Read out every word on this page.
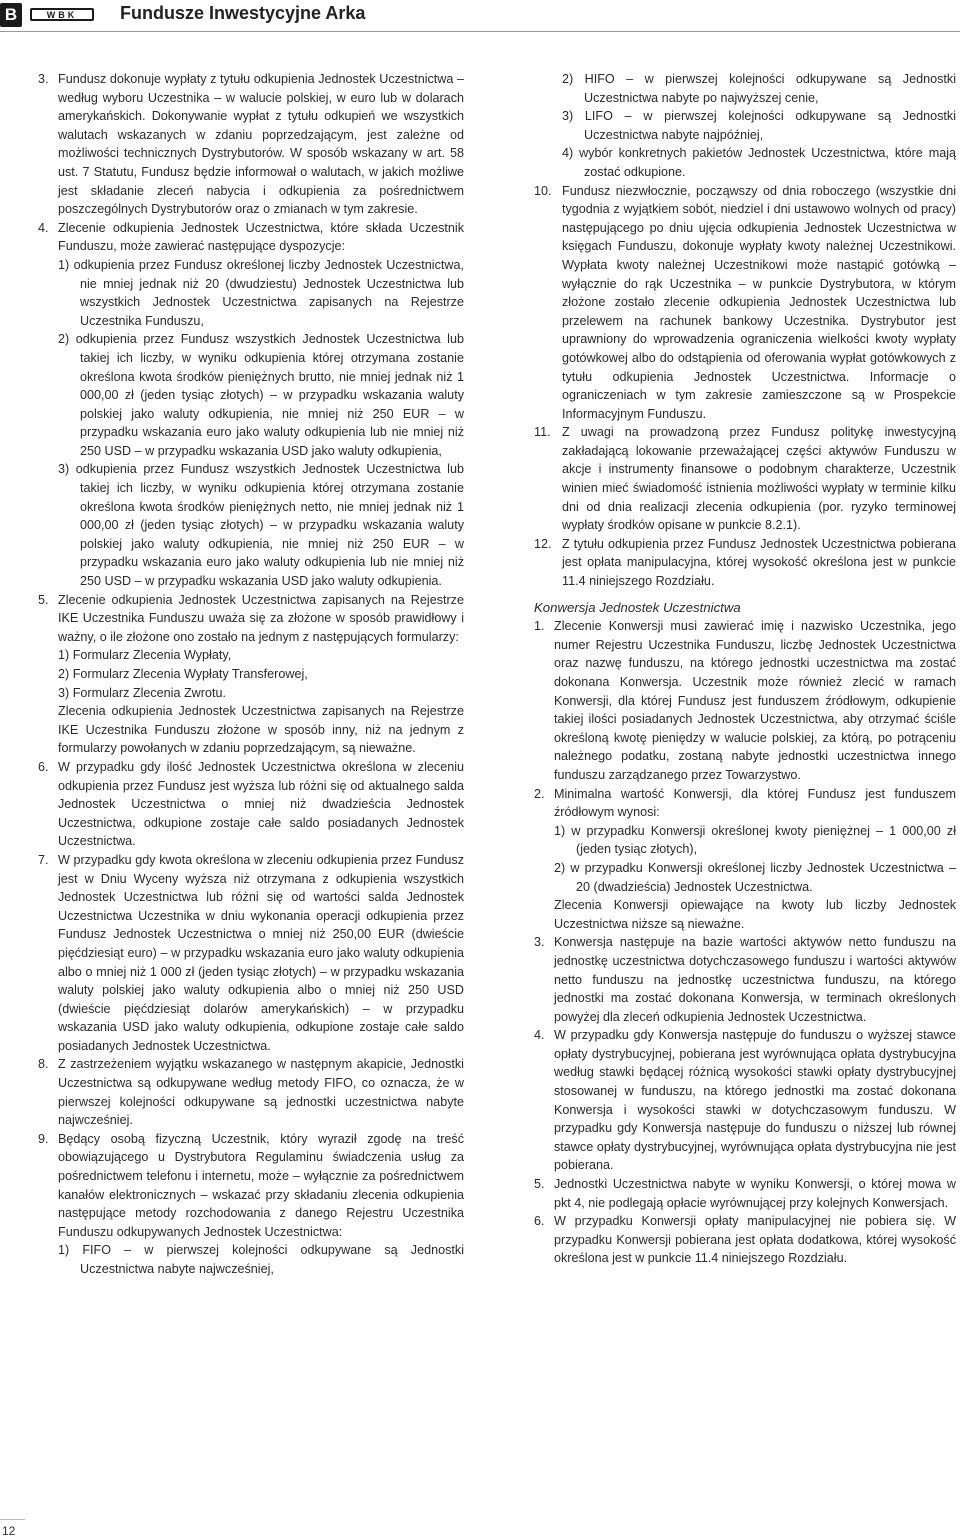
B	WBK Fundusze Inwestycyjne Arka
3. Fundusz dokonuje wypłaty z tytułu odkupienia Jednostek Uczestnictwa – według wyboru Uczestnika – w walucie polskiej, w euro lub w dolarach amerykańskich. Dokonywanie wypłat z tytułu odkupień we wszystkich walutach wskazanych w zdaniu poprzedzającym, jest zależne od możliwości technicznych Dystrybutorów. W sposób wskazany w art. 58 ust. 7 Statutu, Fundusz będzie informował o walutach, w jakich możliwe jest składanie zleceń nabycia i odkupienia za pośrednictwem poszczególnych Dystrybutorów oraz o zmianach w tym zakresie.
4. Zlecenie odkupienia Jednostek Uczestnictwa, które składa Uczestnik Funduszu, może zawierać następujące dyspozycje:
1) odkupienia przez Fundusz określonej liczby Jednostek Uczestnictwa, nie mniej jednak niż 20 (dwudziestu) Jednostek Uczestnictwa lub wszystkich Jednostek Uczestnictwa zapisanych na Rejestrze Uczestnika Funduszu,
2) odkupienia przez Fundusz wszystkich Jednostek Uczestnictwa lub takiej ich liczby, w wyniku odkupienia której otrzymana zostanie określona kwota środków pieniężnych brutto, nie mniej jednak niż 1 000,00 zł (jeden tysiąc złotych) – w przypadku wskazania waluty polskiej jako waluty odkupienia, nie mniej niż 250 EUR – w przypadku wskazania euro jako waluty odkupienia lub nie mniej niż 250 USD – w przypadku wskazania USD jako waluty odkupienia,
3) odkupienia przez Fundusz wszystkich Jednostek Uczestnictwa lub takiej ich liczby, w wyniku odkupienia której otrzymana zostanie określona kwota środków pieniężnych netto, nie mniej jednak niż 1 000,00 zł (jeden tysiąc złotych) – w przypadku wskazania waluty polskiej jako waluty odkupienia, nie mniej niż 250 EUR – w przypadku wskazania euro jako waluty odkupienia lub nie mniej niż 250 USD – w przypadku wskazania USD jako waluty odkupienia.
5. Zlecenie odkupienia Jednostek Uczestnictwa zapisanych na Rejestrze IKE Uczestnika Funduszu uważa się za złożone w sposób prawidłowy i ważny, o ile złożone ono zostało na jednym z następujących formularzy:
1) Formularz Zlecenia Wypłaty,
2) Formularz Zlecenia Wypłaty Transferowej,
3) Formularz Zlecenia Zwrotu.
Zlecenia odkupienia Jednostek Uczestnictwa zapisanych na Rejestrze IKE Uczestnika Funduszu złożone w sposób inny, niż na jednym z formularzy powołanych w zdaniu poprzedzającym, są nieważne.
6. W przypadku gdy ilość Jednostek Uczestnictwa określona w zleceniu odkupienia przez Fundusz jest wyższa lub różni się od aktualnego salda Jednostek Uczestnictwa o mniej niż dwadzieścia Jednostek Uczestnictwa, odkupione zostaje całe saldo posiadanych Jednostek Uczestnictwa.
7. W przypadku gdy kwota określona w zleceniu odkupienia przez Fundusz jest w Dniu Wyceny wyższa niż otrzymana z odkupienia wszystkich Jednostek Uczestnictwa lub różni się od wartości salda Jednostek Uczestnictwa Uczestnika w dniu wykonania operacji odkupienia przez Fundusz Jednostek Uczestnictwa o mniej niż 250,00 EUR (dwieście pięćdziesiąt euro) – w przypadku wskazania euro jako waluty odkupienia albo o mniej niż 1 000 zł (jeden tysiąc złotych) – w przypadku wskazania waluty polskiej jako waluty odkupienia albo o mniej niż 250 USD (dwieście pięćdziesiąt dolarów amerykańskich) – w przypadku wskazania USD jako waluty odkupienia, odkupione zostaje całe saldo posiadanych Jednostek Uczestnictwa.
8. Z zastrzeżeniem wyjątku wskazanego w następnym akapicie, Jednostki Uczestnictwa są odkupywane według metody FIFO, co oznacza, że w pierwszej kolejności odkupywane są jednostki uczestnictwa nabyte najwcześniej.
9. Będący osobą fizyczną Uczestnik, który wyraził zgodę na treść obowiązującego u Dystrybutora Regulaminu świadczenia usług za pośrednictwem telefonu i internetu, może – wyłącznie za pośrednictwem kanałów elektronicznych – wskazać przy składaniu zlecenia odkupienia następujące metody rozchodowania z danego Rejestru Uczestnika Funduszu odkupywanych Jednostek Uczestnictwa:
1) FIFO – w pierwszej kolejności odkupywane są Jednostki Uczestnictwa nabyte najwcześniej,
2) HIFO – w pierwszej kolejności odkupywane są Jednostki Uczestnictwa nabyte po najwyższej cenie,
3) LIFO – w pierwszej kolejności odkupywane są Jednostki Uczestnictwa nabyte najpóźniej,
4) wybór konkretnych pakietów Jednostek Uczestnictwa, które mają zostać odkupione.
10. Fundusz niezwłocznie, począwszy od dnia roboczego (wszystkie dni tygodnia z wyjątkiem sobót, niedziel i dni ustawowo wolnych od pracy) następującego po dniu ujęcia odkupienia Jednostek Uczestnictwa w księgach Funduszu, dokonuje wypłaty kwoty należnej Uczestnikowi. Wypłata kwoty należnej Uczestnikowi może nastąpić gotówką – wyłącznie do rąk Uczestnika – w punkcie Dystrybutora, w którym złożone zostało zlecenie odkupienia Jednostek Uczestnictwa lub przelewem na rachunek bankowy Uczestnika. Dystrybutor jest uprawniony do wprowadzenia ograniczenia wielkości kwoty wypłaty gotówkowej albo do odstąpienia od oferowania wypłat gotówkowych z tytułu odkupienia Jednostek Uczestnictwa. Informacje o ograniczeniach w tym zakresie zamieszczone są w Prospekcie Informacyjnym Funduszu.
11. Z uwagi na prowadzoną przez Fundusz politykę inwestycyjną zakładającą lokowanie przeważającej części aktywów Funduszu w akcje i instrumenty finansowe o podobnym charakterze, Uczestnik winien mieć świadomość istnienia możliwości wypłaty w terminie kilku dni od dnia realizacji zlecenia odkupienia (por. ryzyko terminowej wypłaty środków opisane w punkcie 8.2.1).
12. Z tytułu odkupienia przez Fundusz Jednostek Uczestnictwa pobierana jest opłata manipulacyjna, której wysokość określona jest w punkcie 11.4 niniejszego Rozdziału.
Konwersja Jednostek Uczestnictwa
1. Zlecenie Konwersji musi zawierać imię i nazwisko Uczestnika, jego numer Rejestru Uczestnika Funduszu, liczbę Jednostek Uczestnictwa oraz nazwę funduszu, na którego jednostki uczestnictwa ma zostać dokonana Konwersja. Uczestnik może również zlecić w ramach Konwersji, dla której Fundusz jest funduszem źródłowym, odkupienie takiej ilości posiadanych Jednostek Uczestnictwa, aby otrzymać ściśle określoną kwotę pieniędzy w walucie polskiej, za którą, po potrąceniu należnego podatku, zostaną nabyte jednostki uczestnictwa innego funduszu zarządzanego przez Towarzystwo.
2. Minimalna wartość Konwersji, dla której Fundusz jest funduszem źródłowym wynosi:
1) w przypadku Konwersji określonej kwoty pieniężnej – 1 000,00 zł (jeden tysiąc złotych),
2) w przypadku Konwersji określonej liczby Jednostek Uczestnictwa – 20 (dwadzieścia) Jednostek Uczestnictwa.
Zlecenia Konwersji opiewające na kwoty lub liczby Jednostek Uczestnictwa niższe są nieważne.
3. Konwersja następuje na bazie wartości aktywów netto funduszu na jednostkę uczestnictwa dotychczasowego funduszu i wartości aktywów netto funduszu na jednostkę uczestnictwa funduszu, na którego jednostki ma zostać dokonana Konwersja, w terminach określonych powyżej dla zleceń odkupienia Jednostek Uczestnictwa.
4. W przypadku gdy Konwersja następuje do funduszu o wyższej stawce opłaty dystrybucyjnej, pobierana jest wyrównująca opłata dystrybucyjna według stawki będącej różnicą wysokości stawki opłaty dystrybucyjnej stosowanej w funduszu, na którego jednostki ma zostać dokonana Konwersja i wysokości stawki w dotychczasowym funduszu. W przypadku gdy Konwersja następuje do funduszu o niższej lub równej stawce opłaty dystrybucyjnej, wyrównująca opłata dystrybucyjna nie jest pobierana.
5. Jednostki Uczestnictwa nabyte w wyniku Konwersji, o której mowa w pkt 4, nie podlegają opłacie wyrównującej przy kolejnych Konwersjach.
6. W przypadku Konwersji opłaty manipulacyjnej nie pobiera się. W przypadku Konwersji pobierana jest opłata dodatkowa, której wysokość określona jest w punkcie 11.4 niniejszego Rozdziału.
12
